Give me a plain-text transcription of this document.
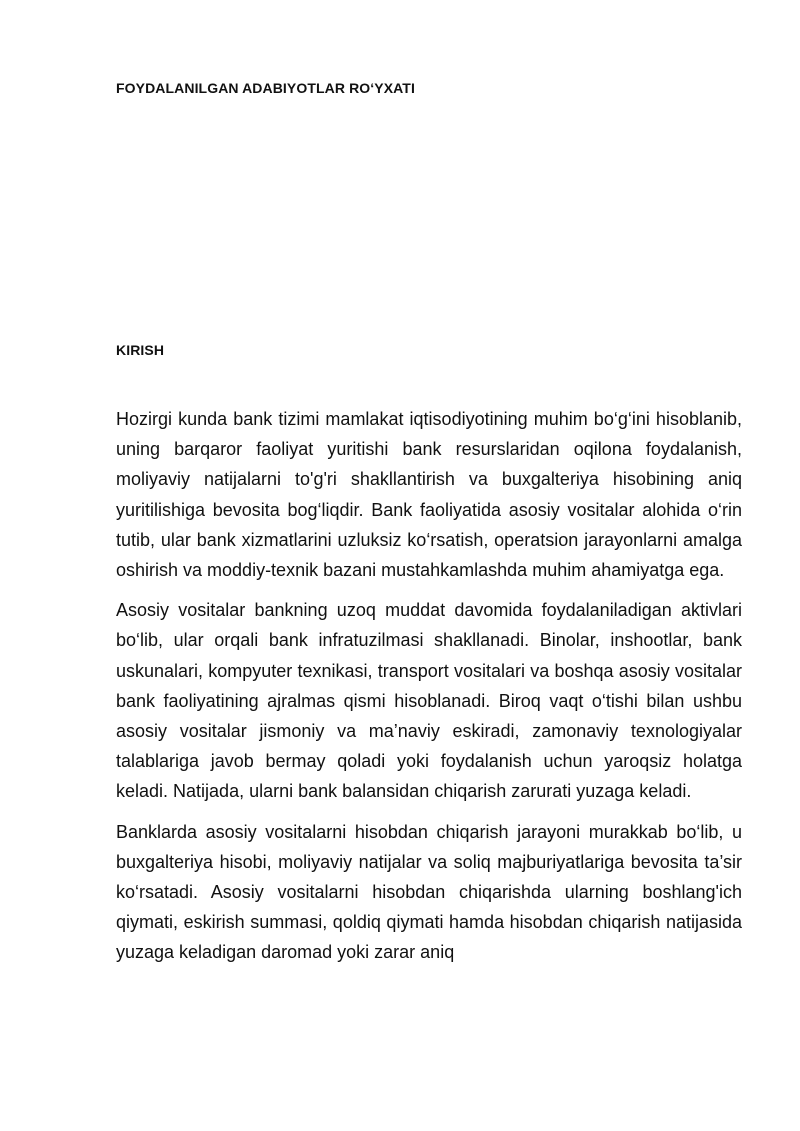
FOYDALANILGAN ADABIYOTLAR RO‘YXATI
KIRISH

Hozirgi kunda bank tizimi mamlakat iqtisodiyotining muhim bo‘g‘ini hisoblanib, uning barqaror faoliyat yuritishi bank resurslaridan oqilona foydalanish, moliyaviy natijalarni to'g'ri shakllantirish va buxgalteriya hisobining aniq yuritilishiga bevosita bog‘liqdir. Bank faoliyatida asosiy vositalar alohida o‘rin tutib, ular bank xizmatlarini uzluksiz ko‘rsatish, operatsion jarayonlarni amalga oshirish va moddiy-texnik bazani mustahkamlashda muhim ahamiyatga ega.

Asosiy vositalar bankning uzoq muddat davomida foydalaniladigan aktivlari bo‘lib, ular orqali bank infratuzilmasi shakllanadi. Binolar, inshootlar, bank uskunalari, kompyuter texnikasi, transport vositalari va boshqa asosiy vositalar bank faoliyatining ajralmas qismi hisoblanadi. Biroq vaqt o‘tishi bilan ushbu asosiy vositalar jismoniy va ma’naviy eskiradi, zamonaviy texnologiyalar talablariga javob bermay qoladi yoki foydalanish uchun yaroqsiz holatga keladi. Natijada, ularni bank balansidan chiqarish zarurati yuzaga keladi.

Banklarda asosiy vositalarni hisobdan chiqarish jarayoni murakkab bo‘lib, u buxgalteriya hisobi, moliyaviy natijalar va soliq majburiyatlariga bevosita ta’sir ko‘rsatadi. Asosiy vositalarni hisobdan chiqarishda ularning boshlang'ich qiymati, eskirish summasi, qoldiq qiymati hamda hisobdan chiqarish natijasida yuzaga keladigan daromad yoki zarar aniq
